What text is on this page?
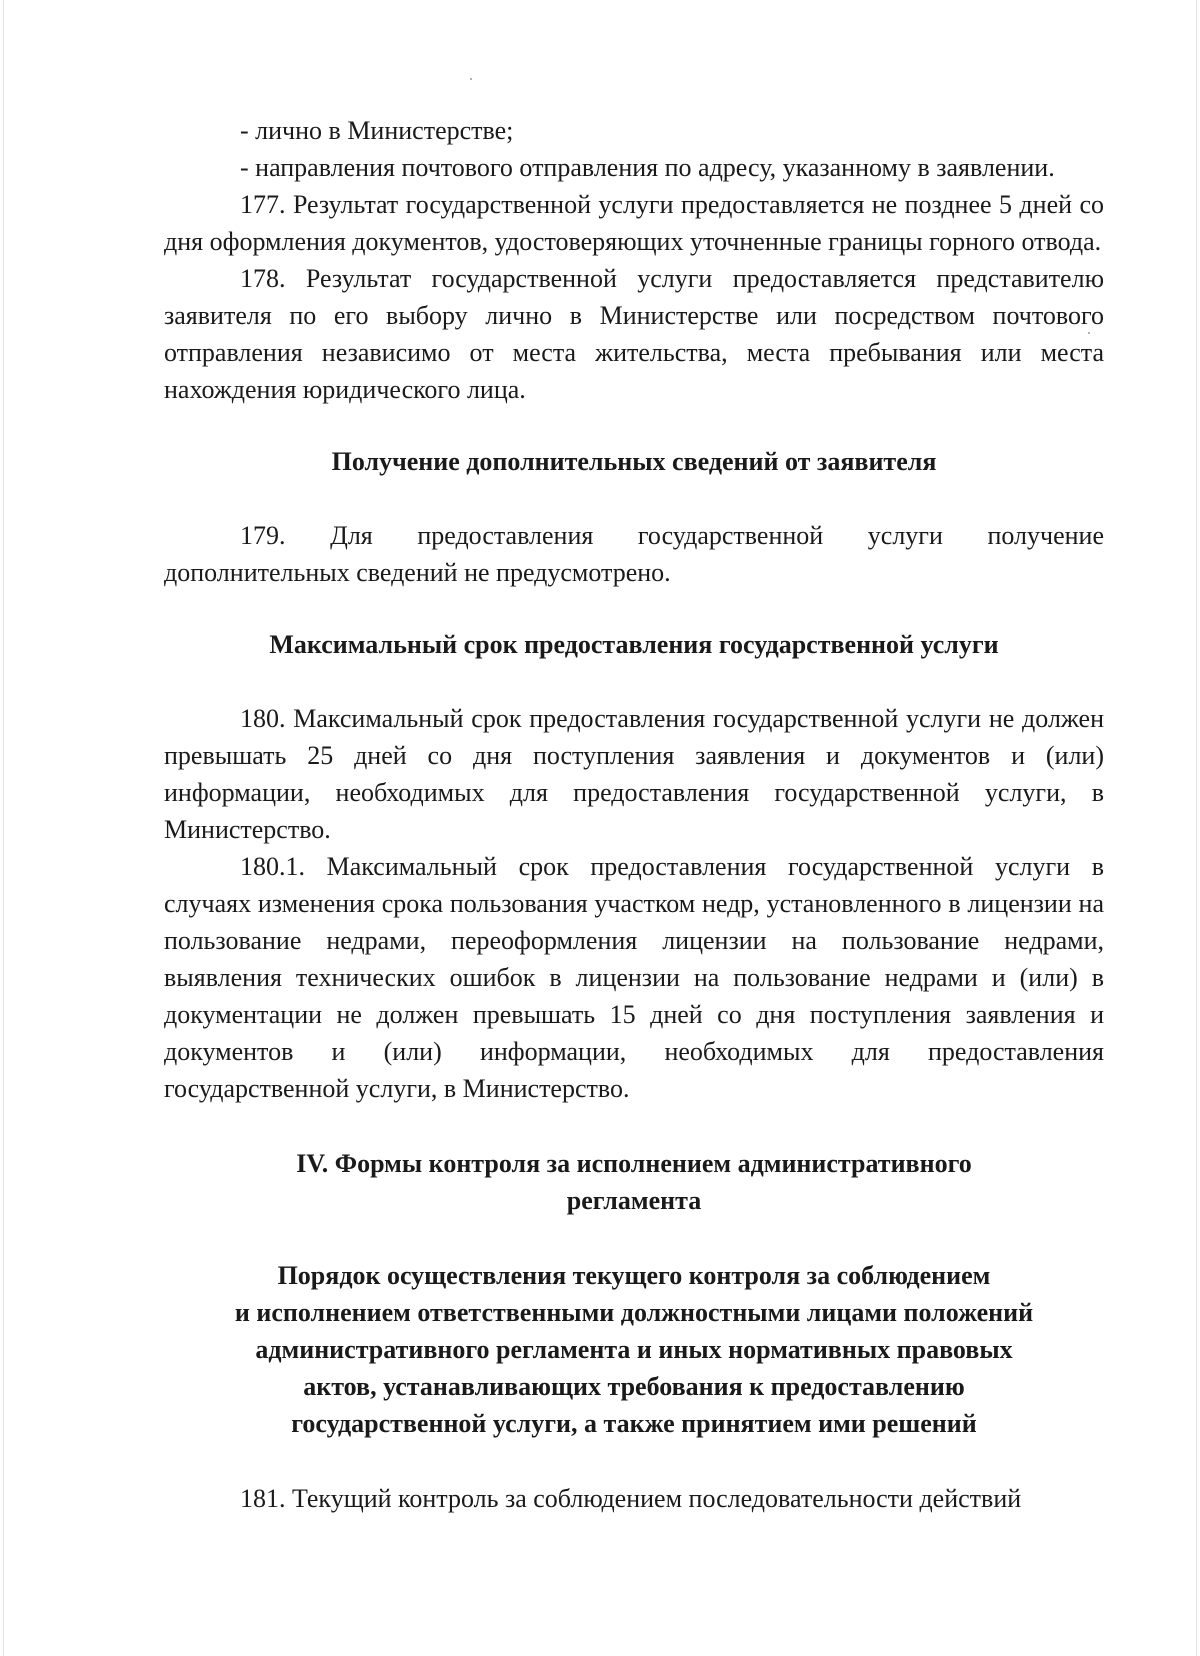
- лично в Министерстве;

- направления почтового отправления по адресу, указанному в заявлении.

177. Результат государственной услуги предоставляется не позднее 5 дней со дня оформления документов, удостоверяющих уточненные границы горного отвода.

178. Результат государственной услуги предоставляется представителю заявителя по его выбору лично в Министерстве или посредством почтового отправления независимо от места жительства, места пребывания или места нахождения юридического лица.

Получение дополнительных сведений от заявителя

179. Для предоставления государственной услуги получение дополнительных сведений не предусмотрено.

Максимальный срок предоставления государственной услуги

180. Максимальный срок предоставления государственной услуги не должен превышать 25 дней со дня поступления заявления и документов и (или) информации, необходимых для предоставления государственной услуги, в Министерство.

180.1. Максимальный срок предоставления государственной услуги в случаях изменения срока пользования участком недр, установленного в лицензии на пользование недрами, переоформления лицензии на пользование недрами, выявления технических ошибок в лицензии на пользование недрами и (или) в документации не должен превышать 15 дней со дня поступления заявления и документов и (или) информации, необходимых для предоставления государственной услуги, в Министерство.

IV. Формы контроля за исполнением административного
регламента
Порядок осуществления текущего контроля за соблюдением
и исполнением ответственными должностными лицами положений
административного регламента и иных нормативных правовых
актов, устанавливающих требования к предоставлению
государственной услуги, а также принятием ими решений

181. Текущий контроль за соблюдением последовательности действий
